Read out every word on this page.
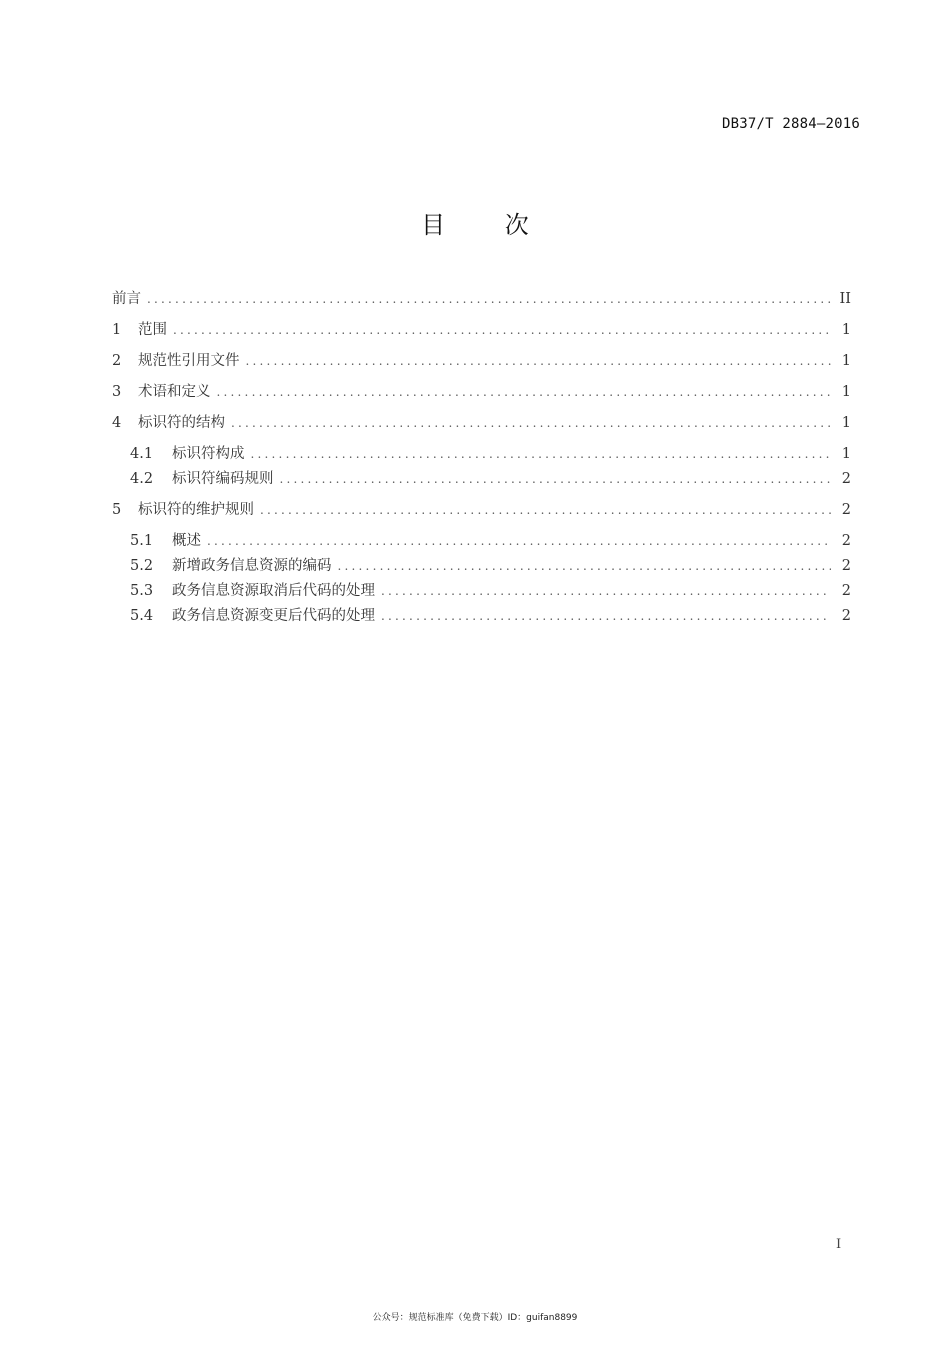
DB37/T 2884—2016
目 次
前言 .....	II
1	范围 .....	1
2	规范性引用文件 .....	1
3	术语和定义 .....	1
4	标识符的结构 .....	1
4.1	标识符构成 .....	1
4.2	标识符编码规则 .....	2
5	标识符的维护规则 .....	2
5.1	概述 .....	2
5.2	新增政务信息资源的编码 .....	2
5.3	政务信息资源取消后代码的处理 .....	2
5.4	政务信息资源变更后代码的处理 .....	2
I
公众号：规范标准库（免费下载）ID：guifan8899
